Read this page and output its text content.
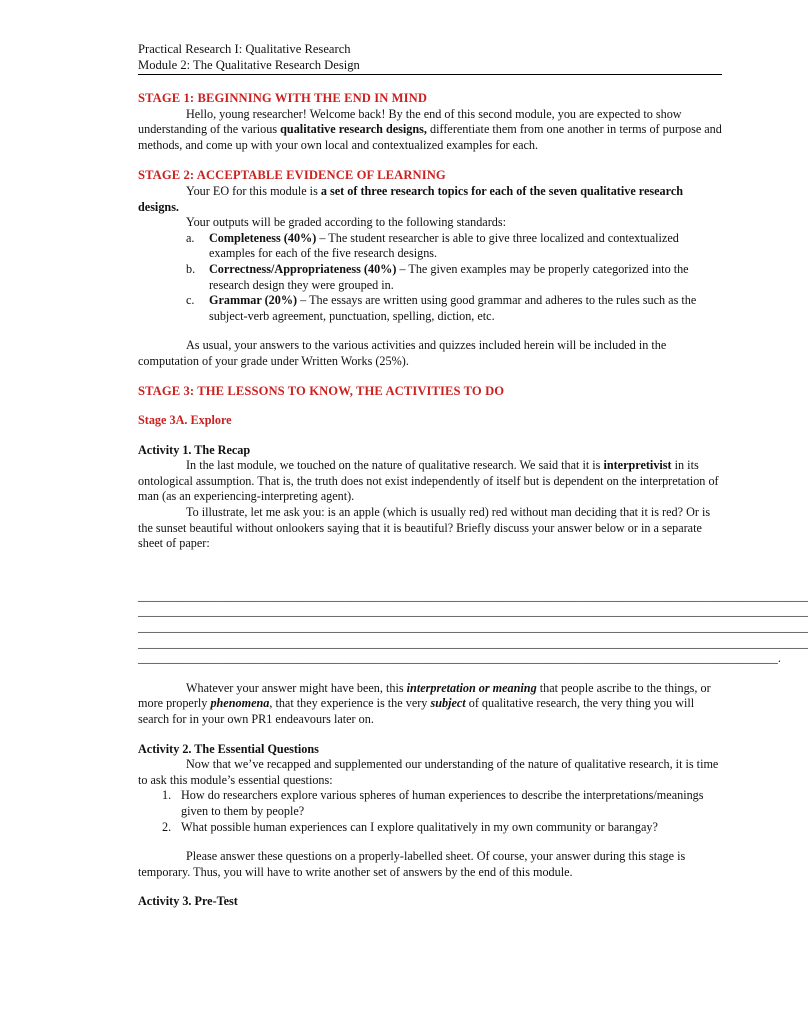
Practical Research I: Qualitative Research
Module 2: The Qualitative Research Design
STAGE 1: BEGINNING WITH THE END IN MIND

Hello, young researcher! Welcome back! By the end of this second module, you are expected to show understanding of the various qualitative research designs, differentiate them from one another in terms of purpose and methods, and come up with your own local and contextualized examples for each.

STAGE 2: ACCEPTABLE EVIDENCE OF LEARNING

Your EO for this module is a set of three research topics for each of the seven qualitative research designs.

Your outputs will be graded according to the following standards:

a. Completeness (40%) – The student researcher is able to give three localized and contextualized examples for each of the five research designs.
b. Correctness/Appropriateness (40%) – The given examples may be properly categorized into the research design they were grouped in.
c. Grammar (20%) – The essays are written using good grammar and adheres to the rules such as the subject-verb agreement, punctuation, spelling, diction, etc.

As usual, your answers to the various activities and quizzes included herein will be included in the computation of your grade under Written Works (25%).

STAGE 3: THE LESSONS TO KNOW, THE ACTIVITIES TO DO
Stage 3A. Explore
Activity 1. The Recap

In the last module, we touched on the nature of qualitative research. We said that it is interpretivist in its ontological assumption. That is, the truth does not exist independently of itself but is dependent on the interpretation of man (as an experiencing-interpreting agent).

To illustrate, let me ask you: is an apple (which is usually red) red without man deciding that it is red? Or is the sunset beautiful without onlookers saying that it is beautiful? Briefly discuss your answer below or in a separate sheet of paper:

______________________________________________________________________________________________________________
______________________________________________________________________________________________________________
______________________________________________________________________________________________________________
______________________________________________________________________________________________________________
_________________________________________________________________________________________________________.

Whatever your answer might have been, this interpretation or meaning that people ascribe to the things, or more properly phenomena, that they experience is the very subject of qualitative research, the very thing you will search for in your own PR1 endeavours later on.

Activity 2. The Essential Questions

Now that we’ve recapped and supplemented our understanding of the nature of qualitative research, it is time to ask this module’s essential questions:

1. How do researchers explore various spheres of human experiences to describe the interpretations/meanings given to them by people?
2. What possible human experiences can I explore qualitatively in my own community or barangay?

Please answer these questions on a properly-labelled sheet. Of course, your answer during this stage is temporary. Thus, you will have to write another set of answers by the end of this module.

Activity 3. Pre-Test
